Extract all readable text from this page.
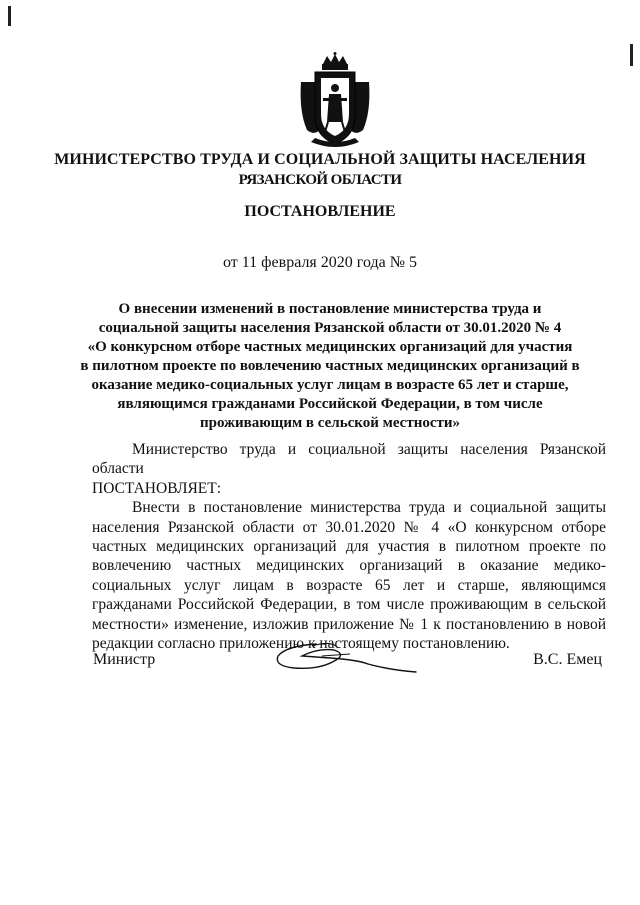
МИНИСТЕРСТВО ТРУДА И СОЦИАЛЬНОЙ ЗАЩИТЫ НАСЕЛЕНИЯ
РЯЗАНСКОЙ ОБЛАСТИ
ПОСТАНОВЛЕНИЕ
от 11 февраля 2020 года № 5
О внесении изменений в постановление министерства труда и
социальной защиты населения Рязанской области от 30.01.2020 № 4
«О конкурсном отборе частных медицинских организаций для участия
в пилотном проекте по вовлечению частных медицинских организаций в
оказание медико-социальных услуг лицам в возрасте 65 лет и старше,
являющимся гражданами Российской Федерации, в том числе
проживающим в сельской местности»

Министерство труда и социальной защиты населения Рязанской области

ПОСТАНОВЛЯЕТ:

Внести в постановление министерства труда и социальной защиты населения Рязанской области от 30.01.2020 № 4 «О конкурсном отборе частных медицинских организаций для участия в пилотном проекте по вовлечению частных медицинских организаций в оказание медико-социальных услуг лицам в возрасте 65 лет и старше, являющимся гражданами Российской Федерации, в том числе проживающим в сельской местности» изменение, изложив приложение № 1 к постановлению в новой редакции согласно приложению к настоящему постановлению.

Министр	В.С. Емец
